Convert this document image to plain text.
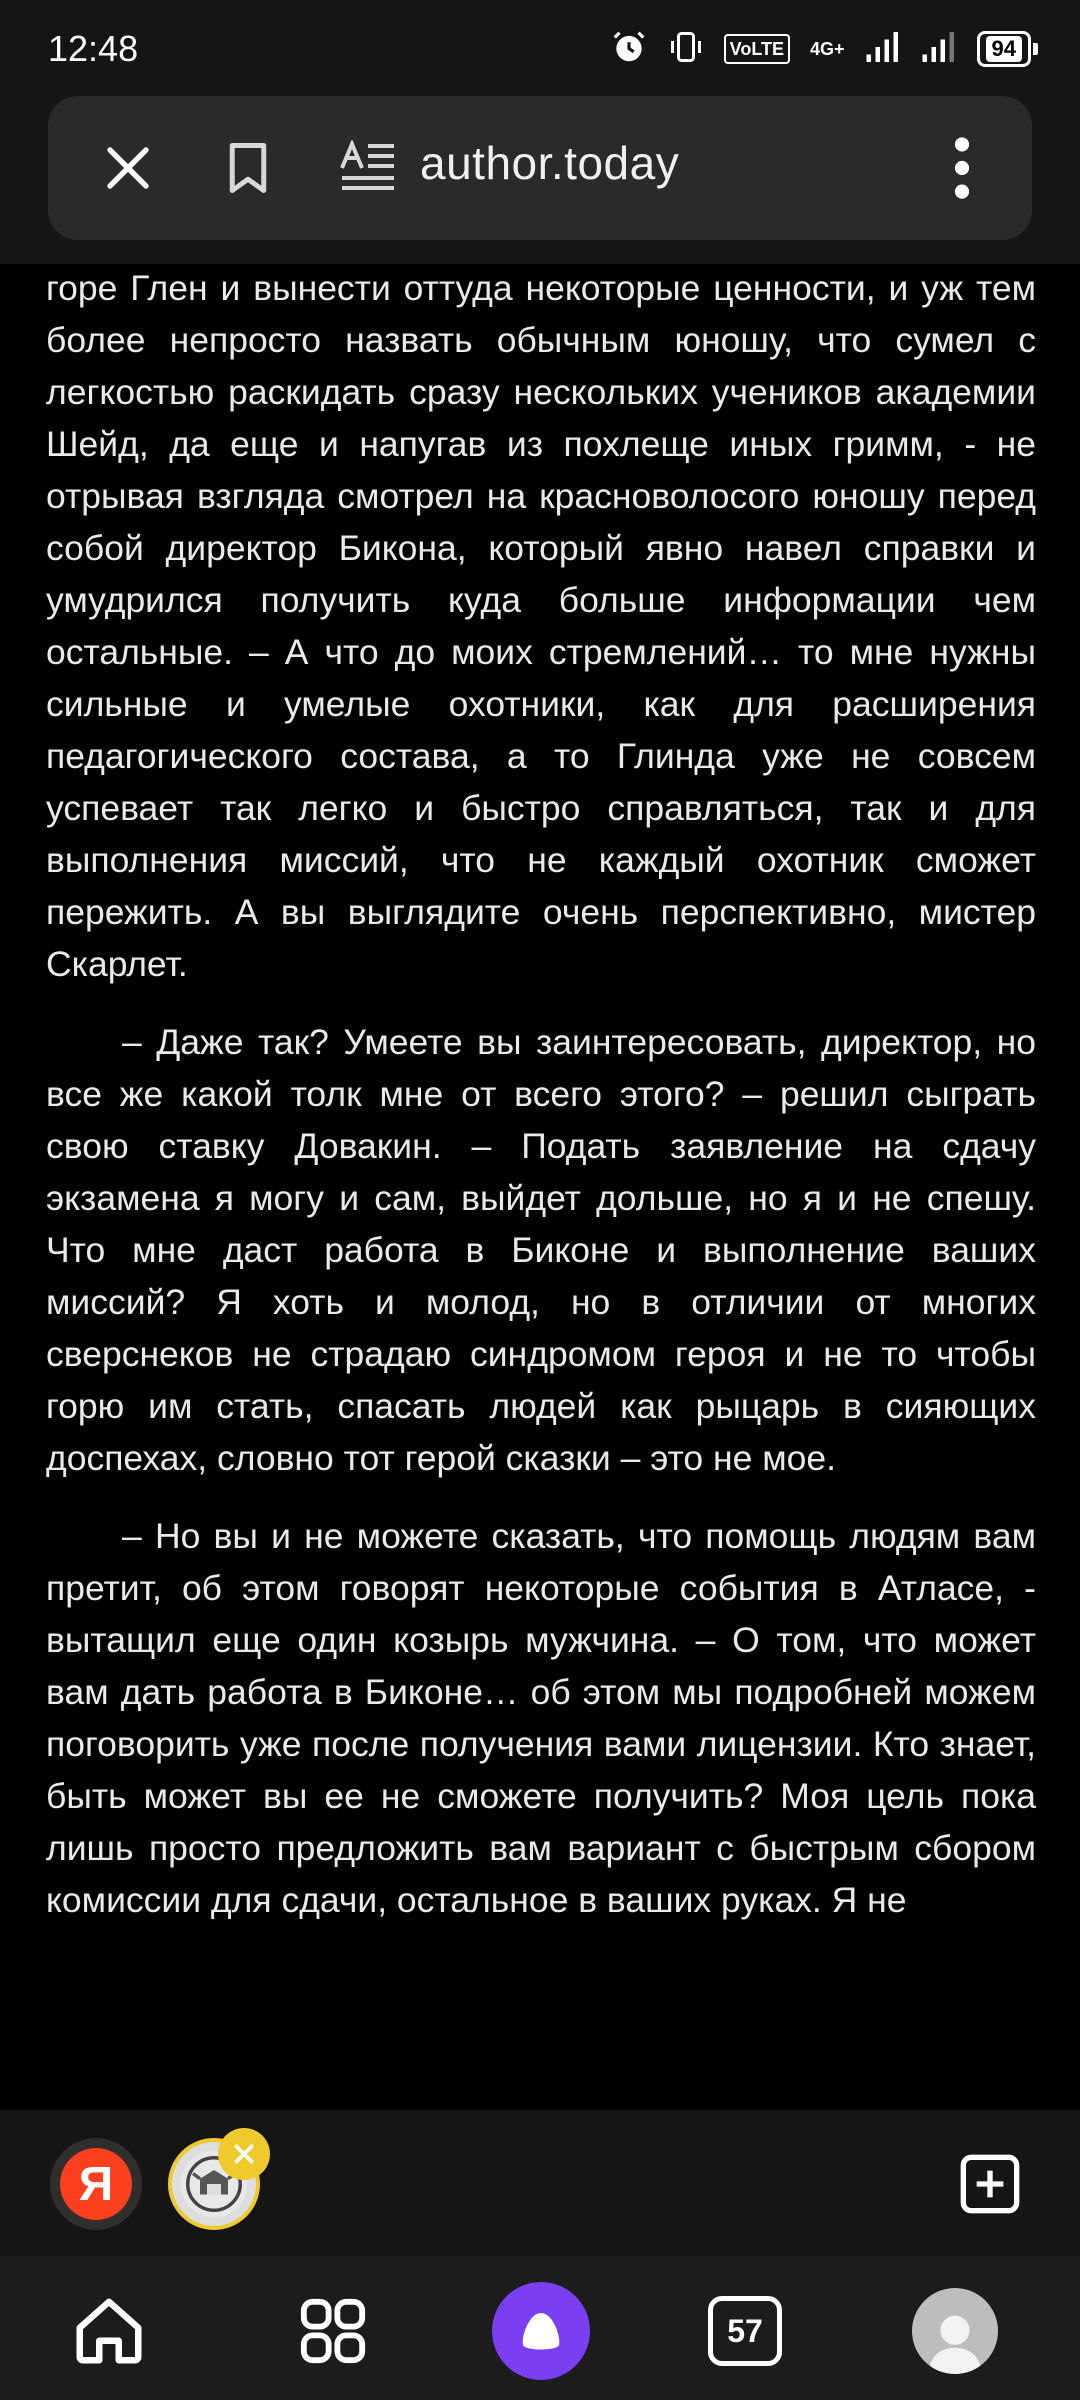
12:48	VoLTE	4G+	94
author.today

горе Глен и вынести оттуда некоторые ценности, и уж тем более непросто назвать обычным юношу, что сумел с легкостью раскидать сразу нескольких учеников академии Шейд, да еще и напугав из похлеще иных гримм, - не отрывая взгляда смотрел на красноволосого юношу перед собой директор Бикона, который явно навел справки и умудрился получить куда больше информации чем остальные. – А что до моих стремлений… то мне нужны сильные и умелые охотники, как для расширения педагогического состава, а то Глинда уже не совсем успевает так легко и быстро справляться, так и для выполнения миссий, что не каждый охотник сможет пережить. А вы выглядите очень перспективно, мистер Скарлет.

– Даже так? Умеете вы заинтересовать, директор, но все же какой толк мне от всего этого? – решил сыграть свою ставку Довакин. – Подать заявление на сдачу экзамена я могу и сам, выйдет дольше, но я и не спешу. Что мне даст работа в Биконе и выполнение ваших миссий? Я хоть и молод, но в отличии от многих сверснеков не страдаю синдромом героя и не то чтобы горю им стать, спасать людей как рыцарь в сияющих доспехах, словно тот герой сказки – это не мое.

– Но вы и не можете сказать, что помощь людям вам претит, об этом говорят некоторые события в Атласе, - вытащил еще один козырь мужчина. – О том, что может вам дать работа в Биконе… об этом мы подробней можем поговорить уже после получения вами лицензии. Кто знает, быть может вы ее не сможете получить? Моя цель пока лишь просто предложить вам вариант с быстрым сбором комиссии для сдачи, остальное в ваших руках. Я не

Я
57
